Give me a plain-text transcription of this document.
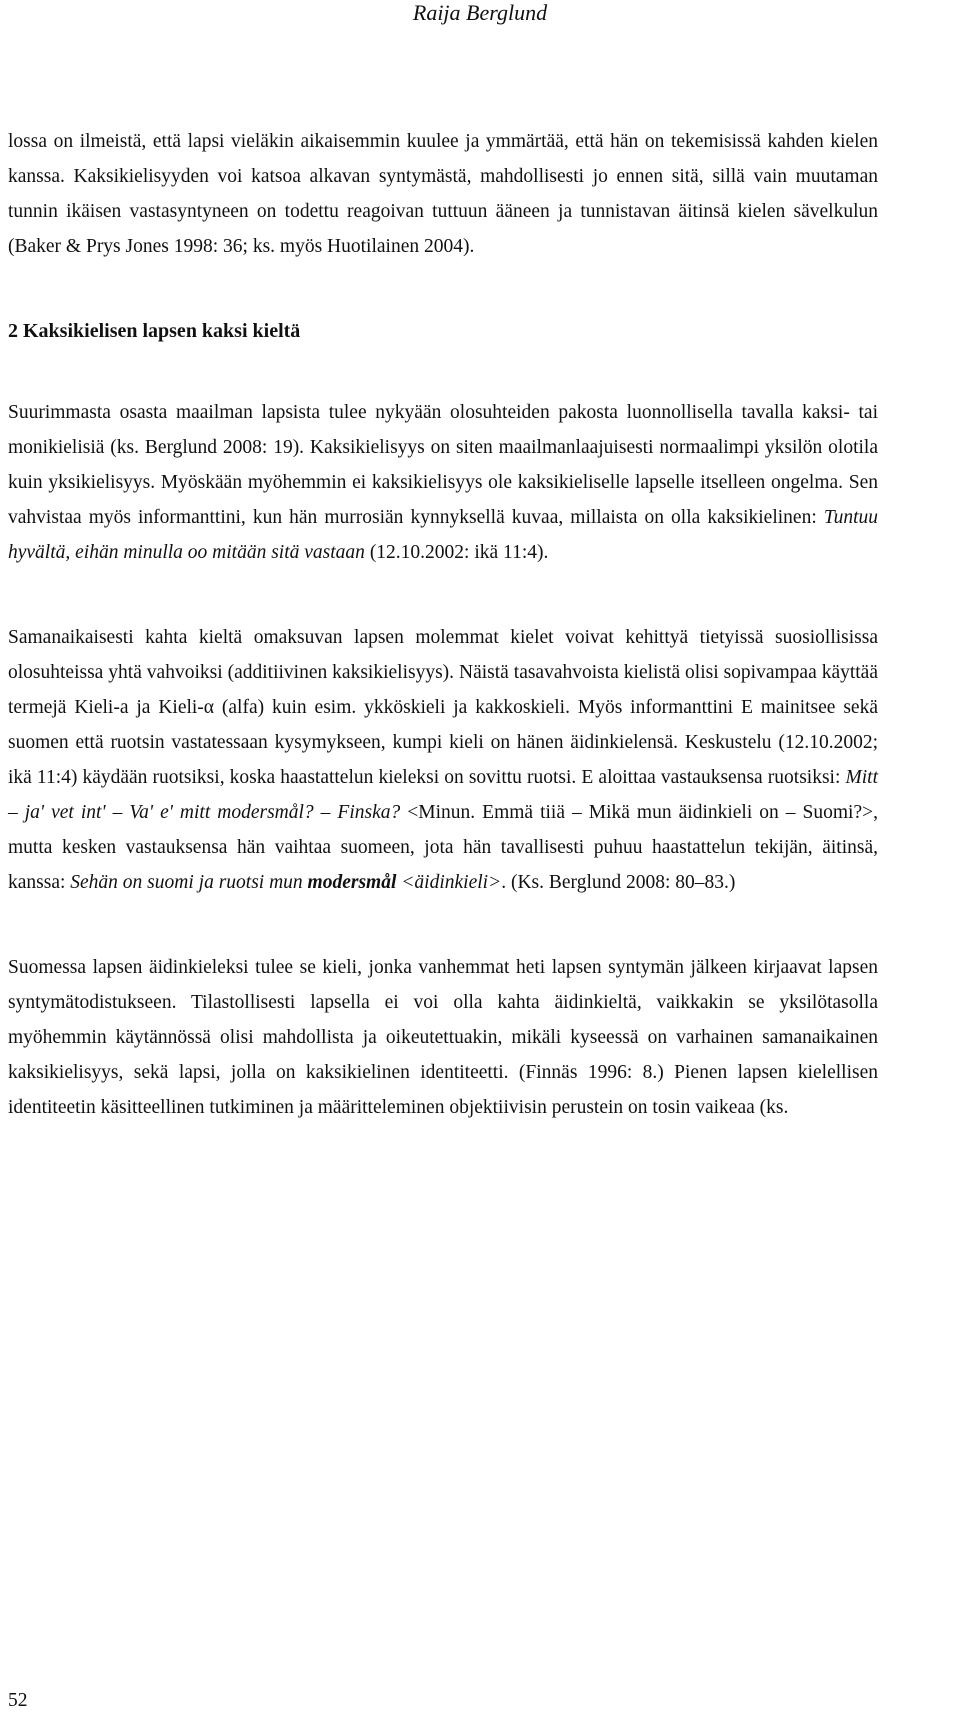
Raija Berglund

lossa on ilmeistä, että lapsi vieläkin aikaisemmin kuulee ja ymmärtää, että hän on tekemisissä kahden kielen kanssa. Kaksikielisyyden voi katsoa alkavan syntymästä, mahdollisesti jo ennen sitä, sillä vain muutaman tunnin ikäisen vastasyntyneen on todettu reagoivan tuttuun ääneen ja tunnistavan äitinsä kielen sävelkulun (Baker & Prys Jones 1998: 36; ks. myös Huotilainen 2004).

2 Kaksikielisen lapsen kaksi kieltä

Suurimmasta osasta maailman lapsista tulee nykyään olosuhteiden pakosta luonnollisella tavalla kaksi- tai monikielisiä (ks. Berglund 2008: 19). Kaksikielisyys on siten maailmanlaajuisesti normaalimpi yksilön olotila kuin yksikielisyys. Myöskään myöhemmin ei kaksikielisyys ole kaksikieliselle lapselle itselleen ongelma. Sen vahvistaa myös informanttini, kun hän murrosiän kynnyksellä kuvaa, millaista on olla kaksikielinen: Tuntuu hyvältä, eihän minulla oo mitään sitä vastaan (12.10.2002: ikä 11:4).

Samanaikaisesti kahta kieltä omaksuvan lapsen molemmat kielet voivat kehittyä tietyissä suosiollisissa olosuhteissa yhtä vahvoiksi (additiivinen kaksikielisyys). Näistä tasavahvoista kielistä olisi sopivampaa käyttää termejä Kieli-a ja Kieli-α (alfa) kuin esim. ykköskieli ja kakkoskieli. Myös informanttini E mainitsee sekä suomen että ruotsin vastatessaan kysymykseen, kumpi kieli on hänen äidinkielensä. Keskustelu (12.10.2002; ikä 11:4) käydään ruotsiksi, koska haastattelun kieleksi on sovittu ruotsi. E aloittaa vastauksensa ruotsiksi: Mitt – ja' vet int' – Va' e' mitt modersmål? – Finska? <Minun. Emmä tiiä – Mikä mun äidinkieli on – Suomi?>, mutta kesken vastauksensa hän vaihtaa suomeen, jota hän tavallisesti puhuu haastattelun tekijän, äitinsä, kanssa: Sehän on suomi ja ruotsi mun modersmål <äidinkieli>. (Ks. Berglund 2008: 80–83.)

Suomessa lapsen äidinkieleksi tulee se kieli, jonka vanhemmat heti lapsen syntymän jälkeen kirjaavat lapsen syntymätodistukseen. Tilastollisesti lapsella ei voi olla kahta äidinkieltä, vaikkakin se yksilötasolla myöhemmin käytännössä olisi mahdollista ja oikeutettuakin, mikäli kyseessä on varhainen samanaikainen kaksikielisyys, sekä lapsi, jolla on kaksikielinen identiteetti. (Finnäs 1996: 8.) Pienen lapsen kielellisen identiteetin käsitteellinen tutkiminen ja määritteleminen objektiivisin perustein on tosin vaikeaa (ks.

52
